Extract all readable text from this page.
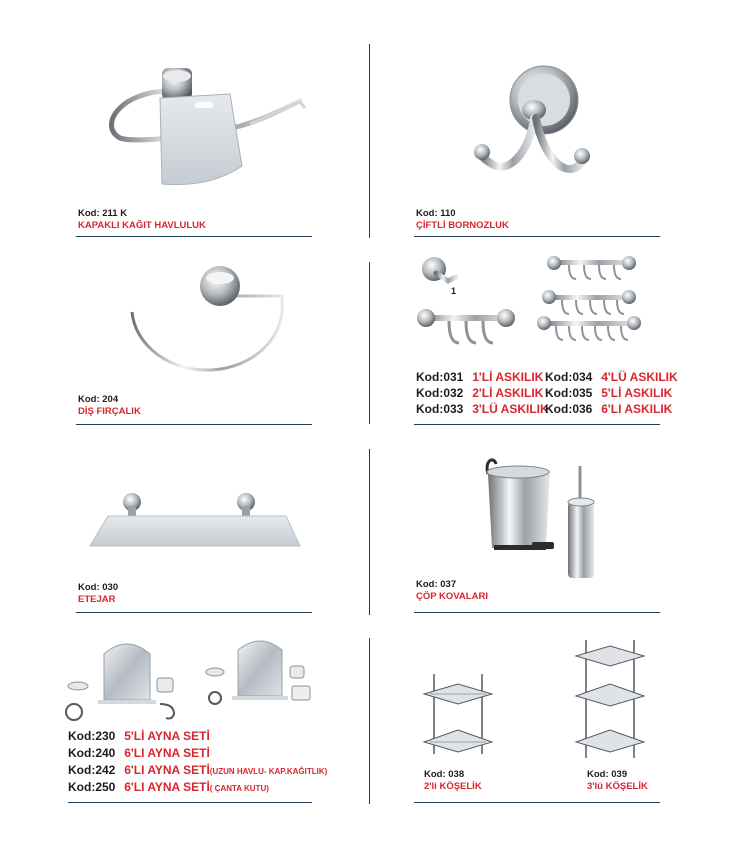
Kod: 211 K
KAPAKLI KAĞIT HAVLULUK
Kod: 110
ÇİFTLİ BORNOZLUK
Kod: 204
DİŞ FIRÇALIK
1
Kod:031 1'Lİ ASKILIK
Kod:032 2'Lİ ASKILIK
Kod:033 3'LÜ ASKILIK
Kod:034 4'LÜ ASKILIK
Kod:035 5'Lİ ASKILIK
Kod:036 6'LI ASKILIK
Kod: 030
ETEJAR
Kod: 037
ÇÖP KOVALARI
Kod:230 5'Lİ AYNA SETİ
Kod:240 6'LI AYNA SETİ
Kod:242 6'LI AYNA SETİ(UZUN HAVLU- KAP.KAĞITLIK)
Kod:250 6'LI AYNA SETİ( ÇANTA KUTU)
Kod: 038
2'li KÖŞELİK
Kod: 039
3'lü KÖŞELİK
